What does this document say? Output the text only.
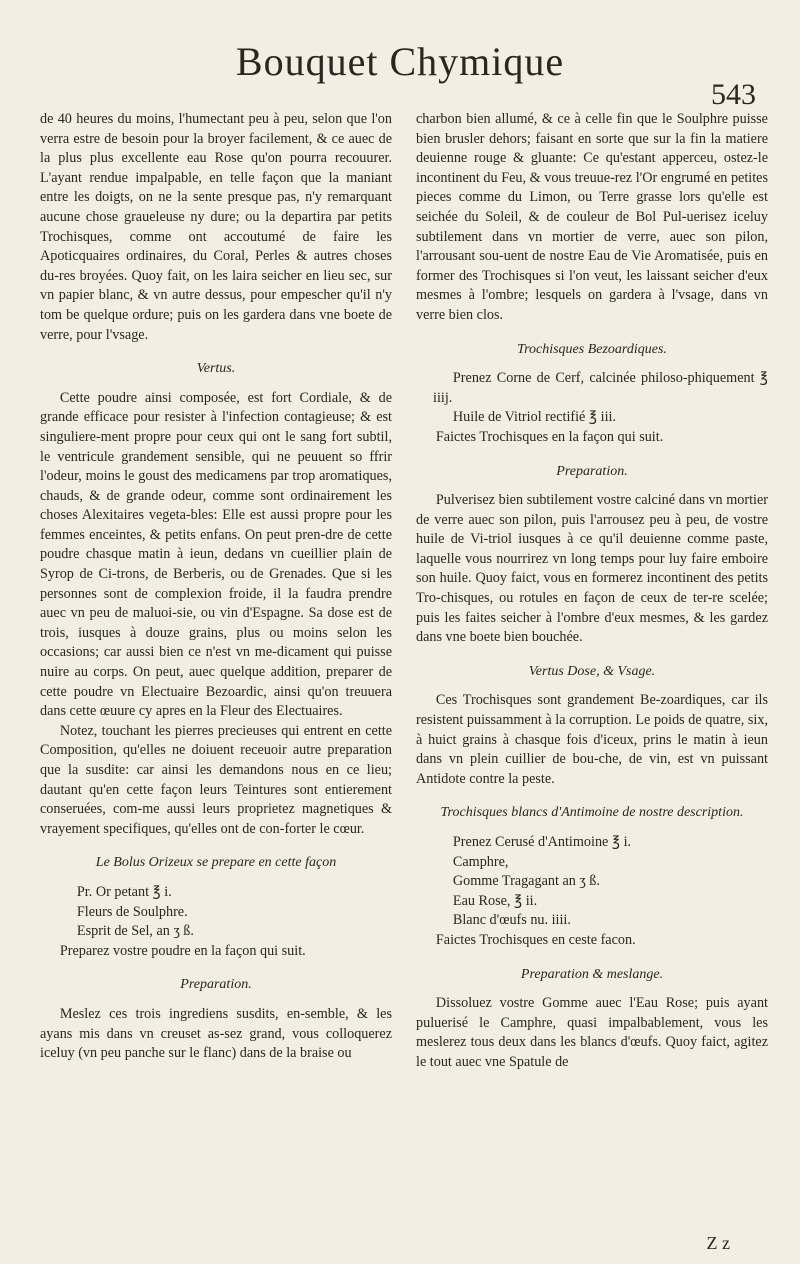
Bouquet Chymique
543

de 40 heures du moins, l'humectant peu à peu, selon que l'on verra estre de besoin pour la broyer facilement, & ce auec de la plus plus excellente eau Rose qu'on pourra recouurer. L'ayant rendue impalpable, en telle façon que la maniant entre les doigts, on ne la sente presque pas, n'y remarquant aucune chose graueleuse ny dure; ou la departira par petits Trochisques, comme ont accoutumé de faire les Apoticquaires ordinaires, du Coral, Perles & autres choses du-res broyées. Quoy fait, on les laira seicher en lieu sec, sur vn papier blanc, & vn autre dessus, pour empescher qu'il n'y tom be quelque ordure; puis on les gardera dans vne boete de verre, pour l'vsage.

Vertus.

Cette poudre ainsi composée, est fort Cordiale, & de grande efficace pour resister à l'infection contagieuse; & est singuliere-ment propre pour ceux qui ont le sang fort subtil, le ventricule grandement sensible, qui ne peuuent so ffrir l'odeur, moins le goust des medicamens par trop aromatiques, chauds, & de grande odeur, comme sont ordinairement les choses Alexitaires vegeta-bles: Elle est aussi propre pour les femmes enceintes, & petits enfans. On peut pren-dre de cette poudre chasque matin à ieun, dedans vn cueillier plain de Syrop de Ci-trons, de Berberis, ou de Grenades. Que si les personnes sont de complexion froide, il la faudra prendre auec vn peu de maluoi-sie, ou vin d'Espagne. Sa dose est de trois, iusques à douze grains, plus ou moins selon les occasions; car aussi bien ce n'est vn me-dicament qui puisse nuire au corps. On peut, auec quelque addition, preparer de cette poudre vn Electuaire Bezoardic, ainsi qu'on treuuera dans cette œuure cy apres en la Fleur des Electuaires.

Notez, touchant les pierres precieuses qui entrent en cette Composition, qu'elles ne doiuent receuoir autre preparation que la susdite: car ainsi les demandons nous en ce lieu; dautant qu'en cette façon leurs Teintures sont entierement conseruées, com-me aussi leurs proprietez magnetiques & vrayement specifiques, qu'elles ont de con-forter le cœur.

Le Bolus Orizeux se prepare en cette façon

Pr. Or petant ℥ i.

Fleurs de Soulphre.

Esprit de Sel, an ʒ ß.

Preparez vostre poudre en la façon qui suit.

Preparation.

Meslez ces trois ingrediens susdits, en-semble, & les ayans mis dans vn creuset as-sez grand, vous colloquerez iceluy (vn peu panche sur le flanc) dans de la braise ou

charbon bien allumé, & ce à celle fin que le Soulphre puisse bien brusler dehors; faisant en sorte que sur la fin la matiere deuienne rouge & gluante: Ce qu'estant apperceu, ostez-le incontinent du Feu, & vous treuue-rez l'Or engrumé en petites pieces comme du Limon, ou Terre grasse lors qu'elle est seichée du Soleil, & de couleur de Bol Pul-uerisez iceluy subtilement dans vn mortier de verre, auec son pilon, l'arrousant sou-uent de nostre Eau de Vie Aromatisée, puis en former des Trochisques si l'on veut, les laissant seicher d'eux mesmes à l'ombre; lesquels on gardera à l'vsage, dans vn verre bien clos.

Trochisques Bezoardiques.

Prenez Corne de Cerf, calcinée philoso-phiquement ℥ iiij.

Huile de Vitriol rectifié ℥ iii.

Faictes Trochisques en la façon qui suit.

Preparation.

Pulverisez bien subtilement vostre calciné dans vn mortier de verre auec son pilon, puis l'arrousez peu à peu, de vostre huile de Vi-triol iusques à ce qu'il deuienne comme paste, laquelle vous nourrirez vn long temps pour luy faire emboire son huile. Quoy faict, vous en formerez incontinent des petits Tro-chisques, ou rotules en façon de ceux de ter-re scelée; puis les faites seicher à l'ombre d'eux mesmes, & les gardez dans vne boete bien bouchée.

Vertus Dose, & Vsage.

Ces Trochisques sont grandement Be-zoardiques, car ils resistent puissamment à la corruption. Le poids de quatre, six, à huict grains à chasque fois d'iceux, prins le matin à ieun dans vn plein cuillier de bou-che, de vin, est vn puissant Antidote contre la peste.

Trochisques blancs d'Antimoine de nostre description.

Prenez Cerusé d'Antimoine ℥ i.

Camphre,

Gomme Tragagant an ʒ ß.

Eau Rose, ℥ ii.

Blanc d'œufs nu. iiii.

Faictes Trochisques en ceste facon.

Preparation & meslange.

Dissoluez vostre Gomme auec l'Eau Rose; puis ayant puluerisé le Camphre, quasi impalbablement, vous les meslerez tous deux dans les blancs d'œufs. Quoy faict, agitez le tout auec vne Spatule de

Z z
